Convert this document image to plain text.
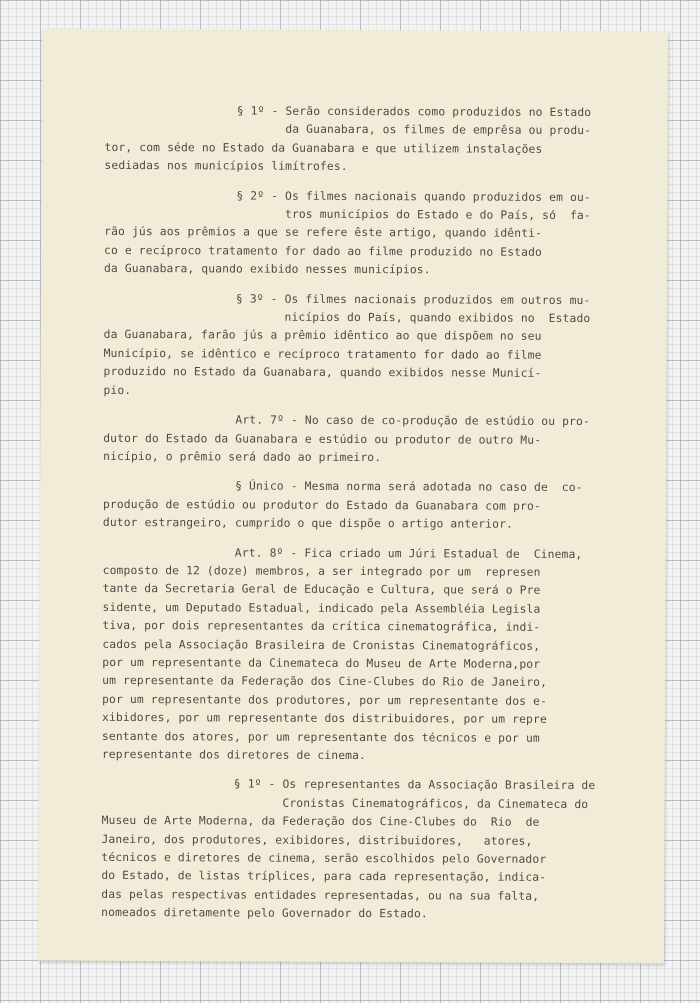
§ 1º - Serão considerados como produzidos no Estado
da Guanabara, os filmes de emprêsa ou produ-
tor, com séde no Estado da Guanabara e que utilizem instalações
sediadas nos municípios limítrofes.
§ 2º - Os filmes nacionais quando produzidos em ou-
tros municípios do Estado e do País, só  fa-
rão jús aos prêmios a que se refere êste artigo, quando idênti-
co e recíproco tratamento for dado ao filme produzido no Estado
da Guanabara, quando exibido nesses municípios.
§ 3º - Os filmes nacionais produzidos em outros mu-
nicípios do País, quando exibidos no  Estado
da Guanabara, farão jús a prêmio idêntico ao que dispõem no seu
Município, se idêntico e recíproco tratamento for dado ao filme
produzido no Estado da Guanabara, quando exibidos nesse Municí-
pio.
Art. 7º - No caso de co-produção de estúdio ou pro-
dutor do Estado da Guanabara e estúdio ou produtor de outro Mu-
nicípio, o prêmio será dado ao primeiro.
§ Único - Mesma norma será adotada no caso de  co-
produção de estúdio ou produtor do Estado da Guanabara com pro-
dutor estrangeiro, cumprido o que dispõe o artigo anterior.
Art. 8º - Fica criado um Júri Estadual de  Cinema,
composto de 12 (doze) membros, a ser integrado por um  represen
tante da Secretaria Geral de Educação e Cultura, que será o Pre
sidente, um Deputado Estadual, indicado pela Assembléia Legisla
tiva, por dois representantes da crítica cinematográfica, indi-
cados pela Associação Brasileira de Cronistas Cinematográficos,
por um representante da Cinemateca do Museu de Arte Moderna,por
um representante da Federação dos Cine-Clubes do Rio de Janeiro,
por um representante dos produtores, por um representante dos e-
xibidores, por um representante dos distribuidores, por um repre
sentante dos atores, por um representante dos técnicos e por um
representante dos diretores de cinema.
§ 1º - Os representantes da Associação Brasileira de
Cronistas Cinematográficos, da Cinemateca do
Museu de Arte Moderna, da Federação dos Cine-Clubes do  Rio  de
Janeiro, dos produtores, exibidores, distribuidores,   atores,
técnicos e diretores de cinema, serão escolhidos pelo Governador
do Estado, de listas tríplices, para cada representação, indica-
das pelas respectivas entidades representadas, ou na sua falta,
nomeados diretamente pelo Governador do Estado.
